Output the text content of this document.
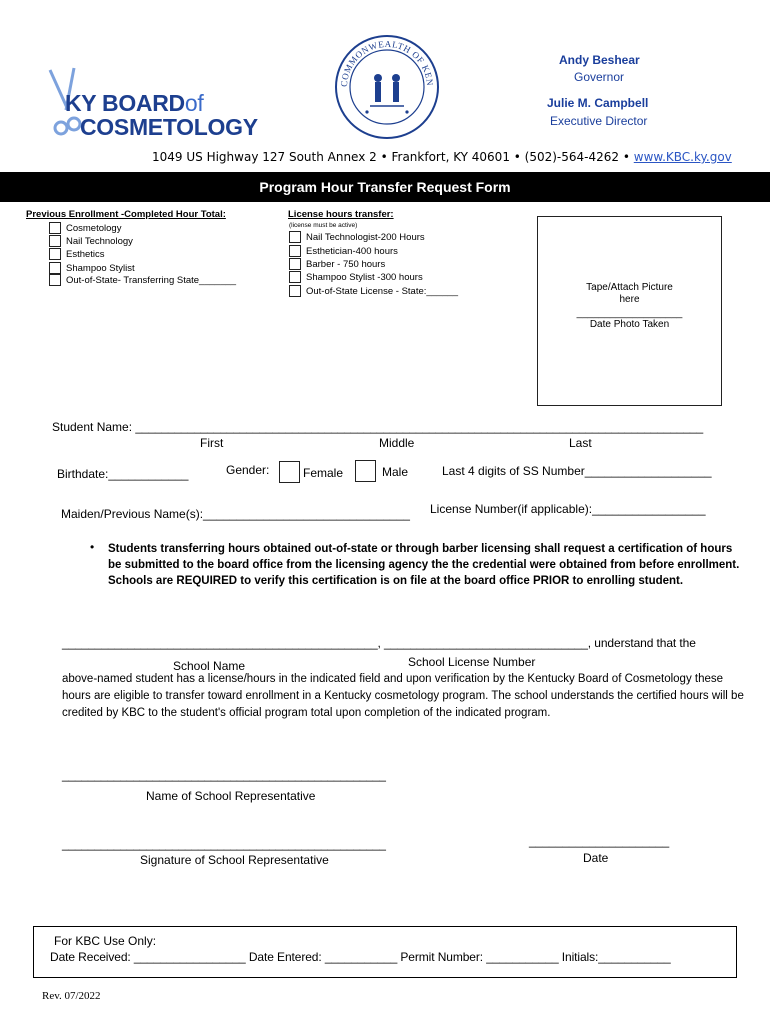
KY BOARDof
COSMETOLOGY
COMMONWEALTH OF KEN
Andy Beshear
Governor
Julie M. Campbell
Executive Director
1049 US Highway 127 South Annex 2 • Frankfort, KY 40601 • (502)-564-4262 • www.KBC.ky.gov
Program Hour Transfer Request Form
Previous Enrollment -Completed Hour Total:
Cosmetology
Nail Technology
Esthetics
Shampoo Stylist
Out-of-State- Transferring State_______
License hours transfer:
(license must be active)
Nail Technologist-200 Hours
Esthetician-400 hours
Barber - 750 hours
Shampoo Stylist -300 hours
Out-of-State License - State:______	Tape/Attach Picture
here
___________________
Date Photo Taken
Student Name: _______________________________________________________________________________________
First	Middle	Last
Birthdate:____________	Gender:	Female	Male	Last 4 digits of SS Number___________________
Maiden/Previous Name(s):_______________________________ License Number(if applicable):_________________
• Students transferring hours obtained out-of-state or through barber licensing shall request a certification of hours be submitted to the board office from the licensing agency the the credential were obtained from before enrollment. Schools are REQUIRED to verify this certification is on file at the board office PRIOR to enrolling student.
________________________________________________, _______________________________, understand that the
School Name	School License Number
above-named student has a license/hours in the indicated field and upon verification by the Kentucky Board of Cosmetology these hours are eligible to transfer toward enrollment in a Kentucky cosmetology program. The school understands the certified hours will be credited by KBC to the student's official program total upon completion of the indicated program.
__________________________________________________
Name of School Representative
__________________________________________________
Signature of School Representative
_____________________
Date
For KBC Use Only:
Date Received: _________________ Date Entered: ___________ Permit Number: ___________ Initials:___________
Rev. 07/2022
